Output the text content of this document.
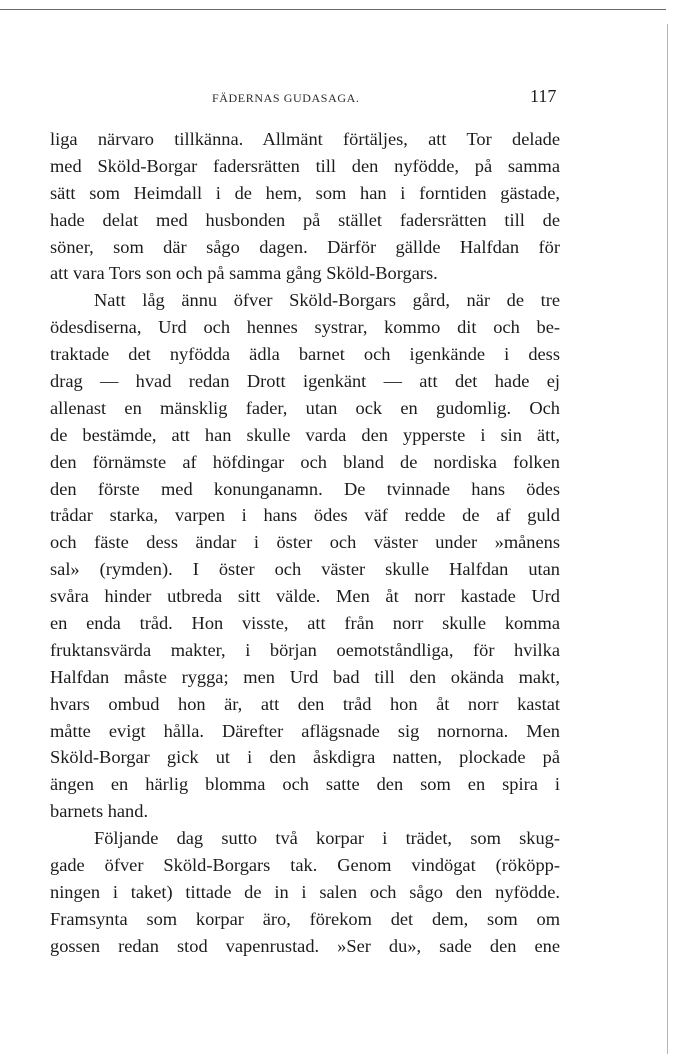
FÄDERNAS GUDASAGA.	117
liga närvaro tillkänna. Allmänt förtäljes, att Tor delade
med Sköld-Borgar fadersrätten till den nyfödde, på samma
sätt som Heimdall i de hem, som han i forntiden gästade,
hade delat med husbonden på stället fadersrätten till de
söner, som där sågo dagen. Därför gällde Halfdan för
att vara Tors son och på samma gång Sköld-Borgars.
Natt låg ännu öfver Sköld-Borgars gård, när de tre
ödesdiserna, Urd och hennes systrar, kommo dit och be-
traktade det nyfödda ädla barnet och igenkände i dess
drag — hvad redan Drott igenkänt — att det hade ej
allenast en mänsklig fader, utan ock en gudomlig. Och
de bestämde, att han skulle varda den ypperste i sin ätt,
den förnämste af höfdingar och bland de nordiska folken
den förste med konunganamn. De tvinnade hans ödes
trådar starka, varpen i hans ödes väf redde de af guld
och fäste dess ändar i öster och väster under »månens
sal» (rymden). I öster och väster skulle Halfdan utan
svåra hinder utbreda sitt välde. Men åt norr kastade Urd
en enda tråd. Hon visste, att från norr skulle komma
fruktansvärda makter, i början oemotståndliga, för hvilka
Halfdan måste rygga; men Urd bad till den okända makt,
hvars ombud hon är, att den tråd hon åt norr kastat
måtte evigt hålla. Därefter aflägsnade sig nornorna. Men
Sköld-Borgar gick ut i den åskdigra natten, plockade på
ängen en härlig blomma och satte den som en spira i
barnets hand.
Följande dag sutto två korpar i trädet, som skug-
gade öfver Sköld-Borgars tak. Genom vindögat (rököpp-
ningen i taket) tittade de in i salen och sågo den nyfödde.
Framsynta som korpar äro, förekom det dem, som om
gossen redan stod vapenrustad. »Ser du», sade den ene
